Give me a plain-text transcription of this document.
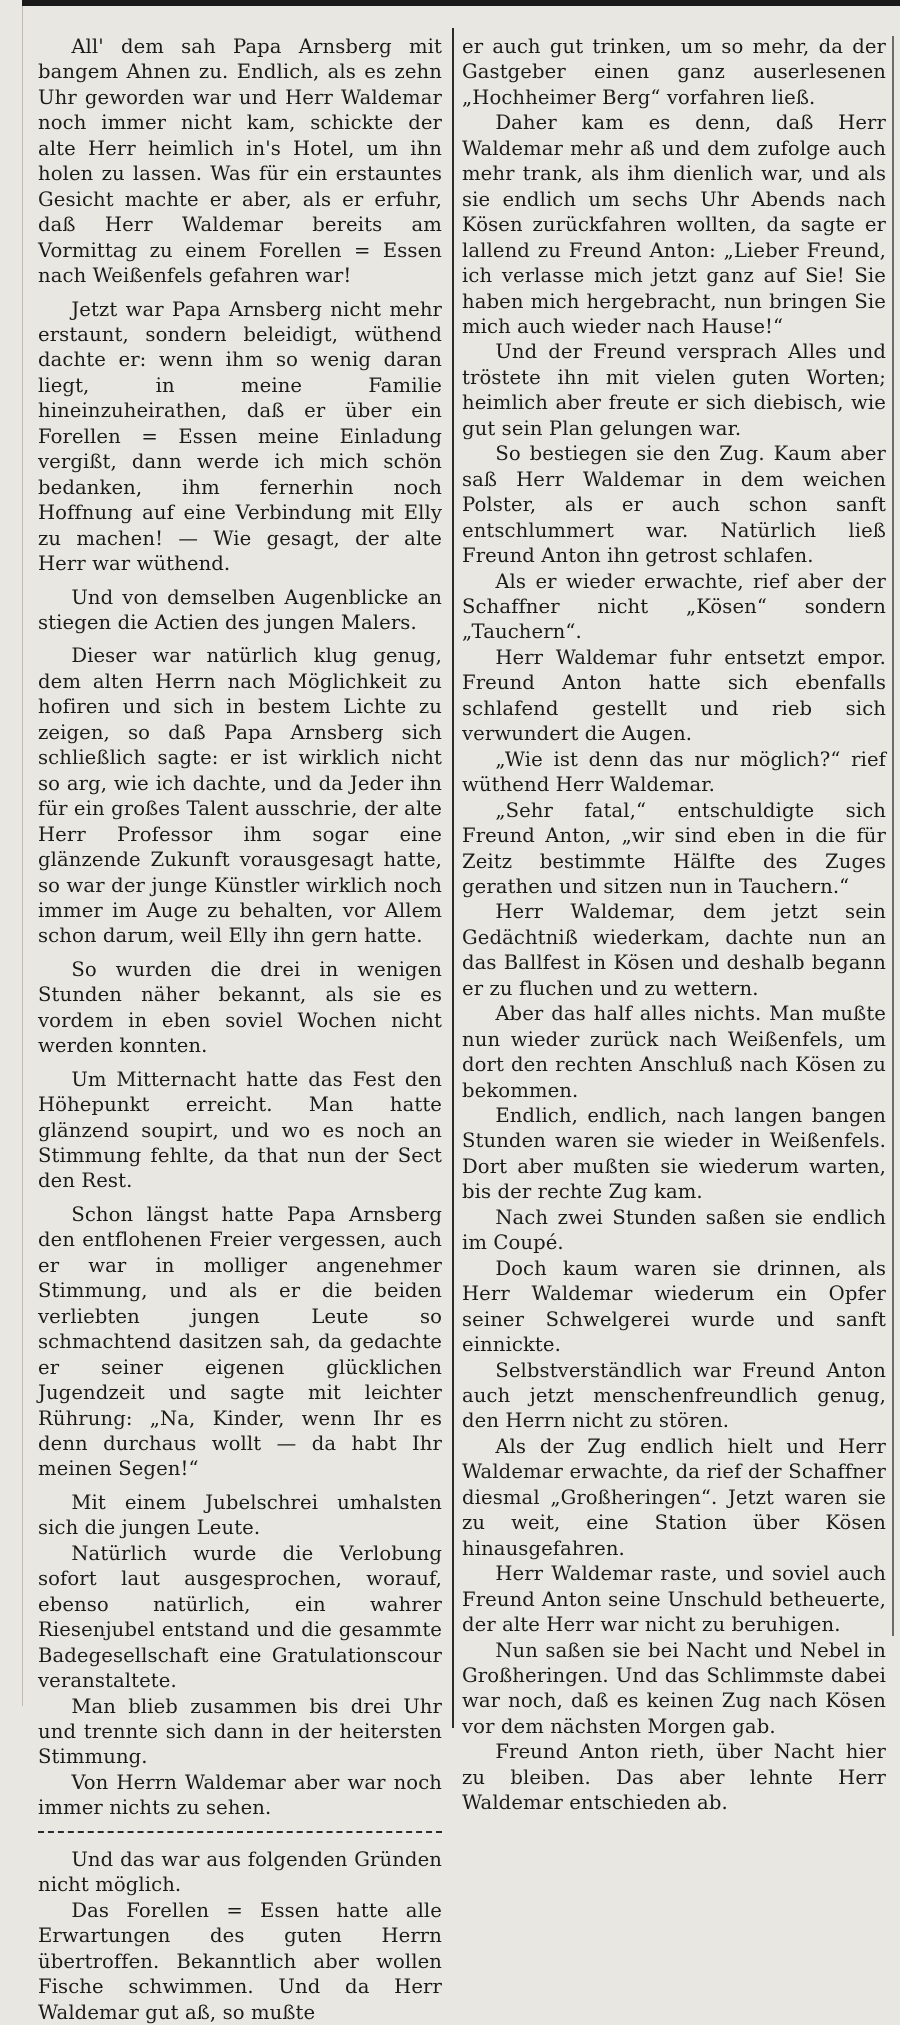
All' dem sah Papa Arnsberg mit bangem Ahnen zu. Endlich, als es zehn Uhr geworden war und Herr Waldemar noch immer nicht kam, schickte der alte Herr heimlich in's Hotel, um ihn holen zu lassen. Was für ein erstauntes Gesicht machte er aber, als er erfuhr, daß Herr Waldemar bereits am Vormittag zu einem Forellen = Essen nach Weißenfels gefahren war!

Jetzt war Papa Arnsberg nicht mehr erstaunt, sondern beleidigt, wüthend dachte er: wenn ihm so wenig daran liegt, in meine Familie hineinzuheirathen, daß er über ein Forellen = Essen meine Einladung vergißt, dann werde ich mich schön bedanken, ihm fernerhin noch Hoffnung auf eine Verbindung mit Elly zu machen! — Wie gesagt, der alte Herr war wüthend.

Und von demselben Augenblicke an stiegen die Actien des jungen Malers.

Dieser war natürlich klug genug, dem alten Herrn nach Möglichkeit zu hofiren und sich in bestem Lichte zu zeigen, so daß Papa Arnsberg sich schließlich sagte: er ist wirklich nicht so arg, wie ich dachte, und da Jeder ihn für ein großes Talent ausschrie, der alte Herr Professor ihm sogar eine glänzende Zukunft vorausgesagt hatte, so war der junge Künstler wirklich noch immer im Auge zu behalten, vor Allem schon darum, weil Elly ihn gern hatte.

So wurden die drei in wenigen Stunden näher bekannt, als sie es vordem in eben soviel Wochen nicht werden konnten.

Um Mitternacht hatte das Fest den Höhepunkt erreicht. Man hatte glänzend soupirt, und wo es noch an Stimmung fehlte, da that nun der Sect den Rest.

Schon längst hatte Papa Arnsberg den entflohenen Freier vergessen, auch er war in molliger angenehmer Stimmung, und als er die beiden verliebten jungen Leute so schmachtend dasitzen sah, da gedachte er seiner eigenen glücklichen Jugendzeit und sagte mit leichter Rührung: „Na, Kinder, wenn Ihr es denn durchaus wollt — da habt Ihr meinen Segen!“

Mit einem Jubelschrei umhalsten sich die jungen Leute.

Natürlich wurde die Verlobung sofort laut ausgesprochen, worauf, ebenso natürlich, ein wahrer Riesenjubel entstand und die gesammte Badegesellschaft eine Gratulationscour veranstaltete.

Man blieb zusammen bis drei Uhr und trennte sich dann in der heitersten Stimmung.

Von Herrn Waldemar aber war noch immer nichts zu sehen.

Und das war aus folgenden Gründen nicht möglich.

Das Forellen = Essen hatte alle Erwartungen des guten Herrn übertroffen. Bekanntlich aber wollen Fische schwimmen. Und da Herr Waldemar gut aß, so mußte

er auch gut trinken, um so mehr, da der Gastgeber einen ganz auserlesenen „Hochheimer Berg“ vorfahren ließ.

Daher kam es denn, daß Herr Waldemar mehr aß und dem zufolge auch mehr trank, als ihm dienlich war, und als sie endlich um sechs Uhr Abends nach Kösen zurückfahren wollten, da sagte er lallend zu Freund Anton: „Lieber Freund, ich verlasse mich jetzt ganz auf Sie! Sie haben mich hergebracht, nun bringen Sie mich auch wieder nach Hause!“

Und der Freund versprach Alles und tröstete ihn mit vielen guten Worten; heimlich aber freute er sich diebisch, wie gut sein Plan gelungen war.

So bestiegen sie den Zug. Kaum aber saß Herr Waldemar in dem weichen Polster, als er auch schon sanft entschlummert war. Natürlich ließ Freund Anton ihn getrost schlafen.

Als er wieder erwachte, rief aber der Schaffner nicht „Kösen“ sondern „Tauchern“.

Herr Waldemar fuhr entsetzt empor. Freund Anton hatte sich ebenfalls schlafend gestellt und rieb sich verwundert die Augen.

„Wie ist denn das nur möglich?“ rief wüthend Herr Waldemar.

„Sehr fatal,“ entschuldigte sich Freund Anton, „wir sind eben in die für Zeitz bestimmte Hälfte des Zuges gerathen und sitzen nun in Tauchern.“

Herr Waldemar, dem jetzt sein Gedächtniß wiederkam, dachte nun an das Ballfest in Kösen und deshalb begann er zu fluchen und zu wettern.

Aber das half alles nichts. Man mußte nun wieder zurück nach Weißenfels, um dort den rechten Anschluß nach Kösen zu bekommen.

Endlich, endlich, nach langen bangen Stunden waren sie wieder in Weißenfels. Dort aber mußten sie wiederum warten, bis der rechte Zug kam.

Nach zwei Stunden saßen sie endlich im Coupé.

Doch kaum waren sie drinnen, als Herr Waldemar wiederum ein Opfer seiner Schwelgerei wurde und sanft einnickte.

Selbstverständlich war Freund Anton auch jetzt menschenfreundlich genug, den Herrn nicht zu stören.

Als der Zug endlich hielt und Herr Waldemar erwachte, da rief der Schaffner diesmal „Großheringen“. Jetzt waren sie zu weit, eine Station über Kösen hinausgefahren.

Herr Waldemar raste, und soviel auch Freund Anton seine Unschuld betheuerte, der alte Herr war nicht zu beruhigen.

Nun saßen sie bei Nacht und Nebel in Großheringen. Und das Schlimmste dabei war noch, daß es keinen Zug nach Kösen vor dem nächsten Morgen gab.

Freund Anton rieth, über Nacht hier zu bleiben. Das aber lehnte Herr Waldemar entschieden ab.
